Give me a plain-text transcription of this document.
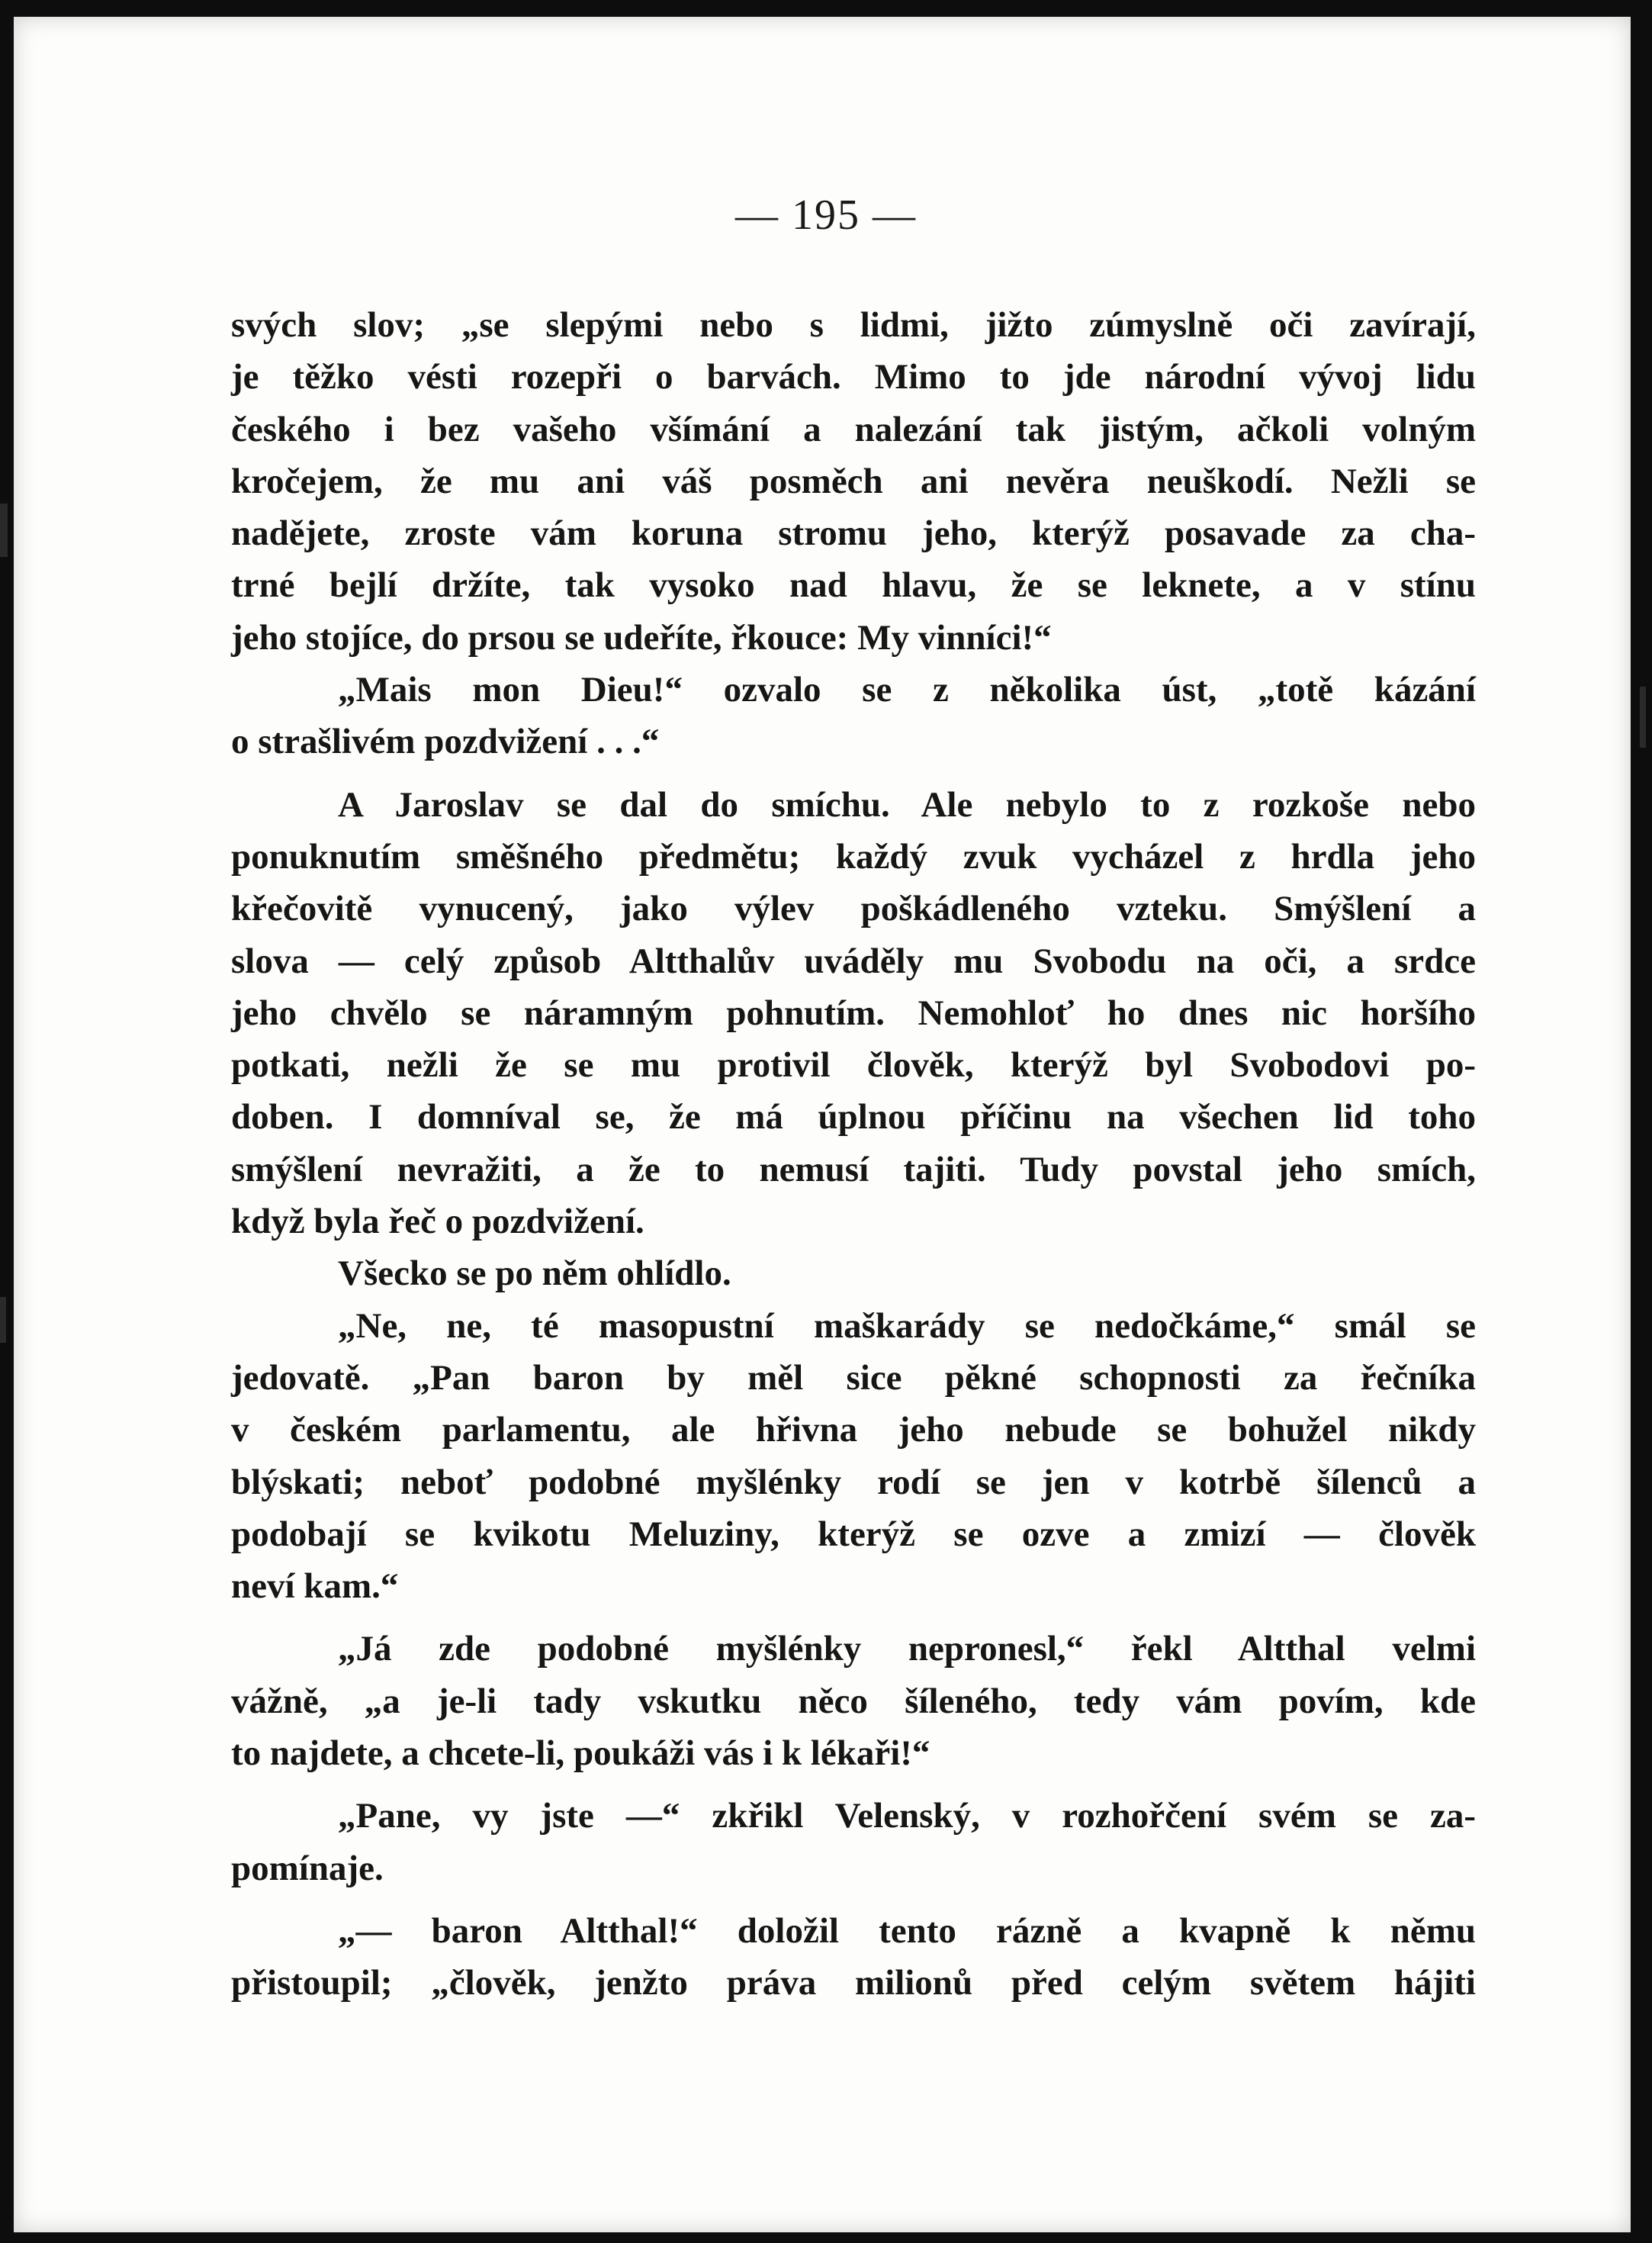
— 195 —

svých slov; „se slepými nebo s lidmi, jižto zúmyslně oči zavírají,

je těžko vésti rozepři o barvách. Mimo to jde národní vývoj lidu

českého i bez vašeho všímání a nalezání tak jistým, ačkoli volným

kročejem, že mu ani váš posměch ani nevěra neuškodí. Nežli se

nadějete, zroste vám koruna stromu jeho, kterýž posavade za cha-

trné bejlí držíte, tak vysoko nad hlavu, že se leknete, a v stínu

jeho stojíce, do prsou se udeříte, řkouce: My vinníci!“

„Mais mon Dieu!“ ozvalo se z několika úst, „totě kázání

o strašlivém pozdvižení . . .“

A Jaroslav se dal do smíchu. Ale nebylo to z rozkoše nebo

ponuknutím směšného předmětu; každý zvuk vycházel z hrdla jeho

křečovitě vynucený, jako výlev poškádleného vzteku. Smýšlení a

slova — celý způsob Altthalův uváděly mu Svobodu na oči, a srdce

jeho chvělo se náramným pohnutím. Nemohloť ho dnes nic horšího

potkati, nežli že se mu protivil člověk, kterýž byl Svobodovi po-

doben. I domníval se, že má úplnou příčinu na všechen lid toho

smýšlení nevražiti, a že to nemusí tajiti. Tudy povstal jeho smích,

když byla řeč o pozdvižení.

Všecko se po něm ohlídlo.

„Ne, ne, té masopustní maškarády se nedočkáme,“ smál se

jedovatě. „Pan baron by měl sice pěkné schopnosti za řečníka

v českém parlamentu, ale hřivna jeho nebude se bohužel nikdy

blýskati; neboť podobné myšlénky rodí se jen v kotrbě šílenců a

podobají se kvikotu Meluziny, kterýž se ozve a zmizí — člověk

neví kam.“

„Já zde podobné myšlénky nepronesl,“ řekl Altthal velmi

vážně, „a je-li tady vskutku něco šíleného, tedy vám povím, kde

to najdete, a chcete-li, poukáži vás i k lékaři!“

„Pane, vy jste —“ zkřikl Velenský, v rozhořčení svém se za-

pomínaje.

„— baron Altthal!“ doložil tento rázně a kvapně k němu

přistoupil; „člověk, jenžto práva milionů před celým světem hájiti
